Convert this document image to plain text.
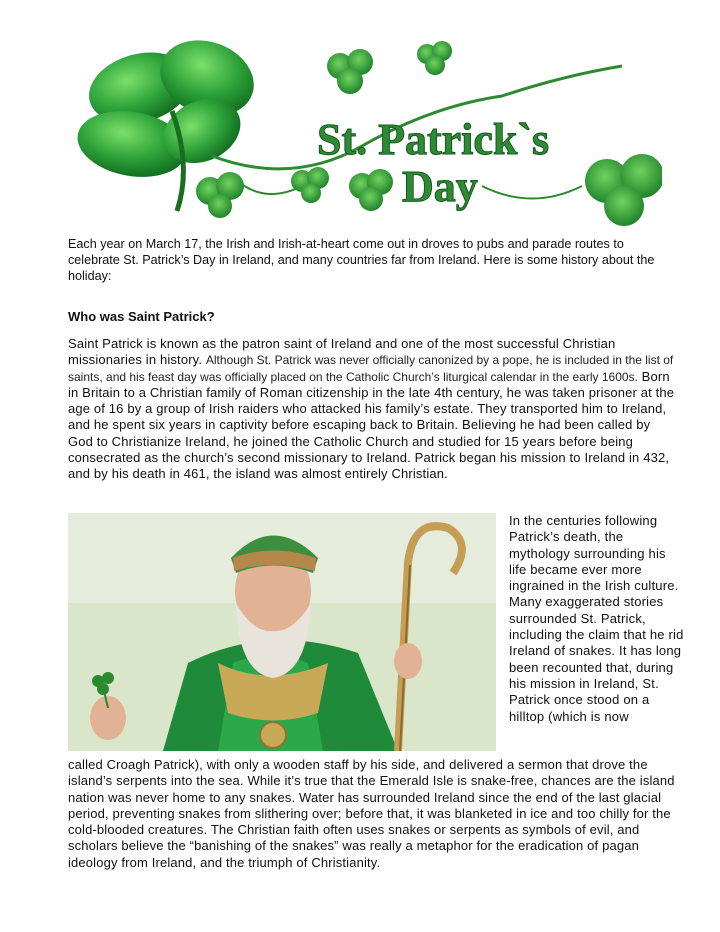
St. Patrick`s
Day

Each year on March 17, the Irish and Irish-at-heart come out in droves to pubs and parade routes to celebrate St. Patrick’s Day in Ireland, and many countries far from Ireland. Here is some history about the holiday:

Who was Saint Patrick?

Saint Patrick is known as the patron saint of Ireland and one of the most successful Christian missionaries in history. Although St. Patrick was never officially canonized by a pope, he is included in the list of saints, and his feast day was officially placed on the Catholic Church’s liturgical calendar in the early 1600s. Born in Britain to a Christian family of Roman citizenship in the late 4th century, he was taken prisoner at the age of 16 by a group of Irish raiders who attacked his family’s estate. They transported him to Ireland, and he spent six years in captivity before escaping back to Britain. Believing he had been called by God to Christianize Ireland, he joined the Catholic Church and studied for 15 years before being consecrated as the church’s second missionary to Ireland. Patrick began his mission to Ireland in 432, and by his death in 461, the island was almost entirely Christian.

In the centuries following Patrick’s death, the mythology surrounding his life became ever more ingrained in the Irish culture. Many exaggerated stories surrounded St. Patrick, including the claim that he rid Ireland of snakes. It has long been recounted that, during his mission in Ireland, St. Patrick once stood on a hilltop (which is now

called Croagh Patrick), with only a wooden staff by his side, and delivered a sermon that drove the island’s serpents into the sea. While it’s true that the Emerald Isle is snake-free, chances are the island nation was never home to any snakes. Water has surrounded Ireland since the end of the last glacial period, preventing snakes from slithering over; before that, it was blanketed in ice and too chilly for the cold-blooded creatures. The Christian faith often uses snakes or serpents as symbols of evil, and scholars believe the “banishing of the snakes” was really a metaphor for the eradication of pagan ideology from Ireland, and the triumph of Christianity.
